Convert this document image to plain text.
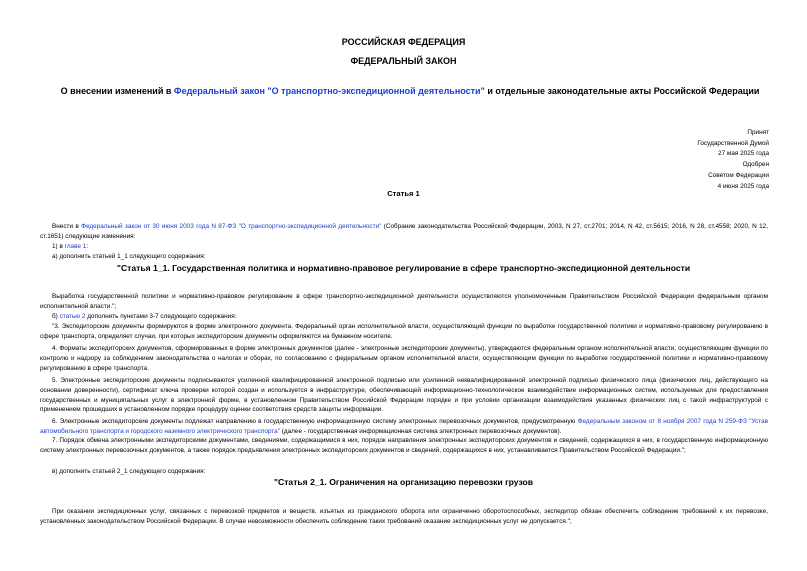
РОССИЙСКАЯ ФЕДЕРАЦИЯ
ФЕДЕРАЛЬНЫЙ ЗАКОН
О внесении изменений в Федеральный закон "О транспортно-экспедиционной деятельности" и отдельные законодательные акты Российской Федерации
Принят
Государственной Думой
27 мая 2025 года
Одобрен
Советом Федерации
4 июня 2025 года
Статья 1
Внести в Федеральный закон от 30 июня 2003 года N 87-ФЗ "О транспортно-экспедиционной деятельности" (Собрание законодательства Российской Федерации, 2003, N 27, ст.2701; 2014, N 42, ст.5615; 2016, N 28, ст.4558; 2020, N 12, ст.1651) следующие изменения:
1) в главе 1:
а) дополнить статьей 1_1 следующего содержания:
"Статья 1_1. Государственная политика и нормативно-правовое регулирование в сфере транспортно-экспедиционной деятельности
Выработка государственной политики и нормативно-правовое регулирование в сфере транспортно-экспедиционной деятельности осуществляются уполномоченным Правительством Российской Федерации федеральным органом исполнительной власти.";
б) статью 2 дополнить пунктами 3-7 следующего содержания:
"3. Экспедиторские документы формируются в форме электронного документа. Федеральный орган исполнительной власти, осуществляющий функции по выработке государственной политики и нормативно-правовому регулированию в сфере транспорта, определяет случаи, при которых экспедиторские документы оформляются на бумажном носителе.
4. Форматы экспедиторских документов, сформированных в форме электронных документов (далее - электронные экспедиторские документы), утверждаются федеральным органом исполнительной власти, осуществляющим функции по контролю и надзору за соблюдением законодательства о налогах и сборах, по согласованию с федеральным органом исполнительной власти, осуществляющим функции по выработке государственной политики и нормативно-правовому регулированию в сфере транспорта.
5. Электронные экспедиторские документы подписываются усиленной квалифицированной электронной подписью или усиленной неквалифицированной электронной подписью физического лица (физических лиц, действующего на основании доверенности), сертификат ключа проверки которой создан и используется в инфраструктуре, обеспечивающей информационно-технологическое взаимодействие информационных систем, используемых для предоставления государственных и муниципальных услуг в электронной форме, в установленном Правительством Российской Федерации порядке и при условии организации взаимодействия указанных физических лиц с такой инфраструктурой с применением прошедших в установленном порядке процедуру оценки соответствия средств защиты информации.
6. Электронные экспедиторские документы подлежат направлению в государственную информационную систему электронных перевозочных документов, предусмотренную Федеральным законом от 8 ноября 2007 года N 259-ФЗ "Устав автомобильного транспорта и городского наземного электрического транспорта" (далее - государственная информационная система электронных перевозочных документов).
7. Порядок обмена электронными экспедиторскими документами, сведениями, содержащимися в них, порядок направления электронных экспедиторских документов и сведений, содержащихся в них, в государственную информационную систему электронных перевозочных документов, а также порядок предъявления электронных экспедиторских документов и сведений, содержащихся в них, устанавливается Правительством Российской Федерации.";
в) дополнить статьей 2_1 следующего содержания:
"Статья 2_1. Ограничения на организацию перевозки грузов
При оказании экспедиционных услуг, связанных с перевозкой предметов и веществ, изъятых из гражданского оборота или ограниченно оборотоспособных, экспедитор обязан обеспечить соблюдение требований к их перевозке, установленных законодательством Российской Федерации. В случае невозможности обеспечить соблюдение таких требований оказание экспедиционных услуг не допускается.";
